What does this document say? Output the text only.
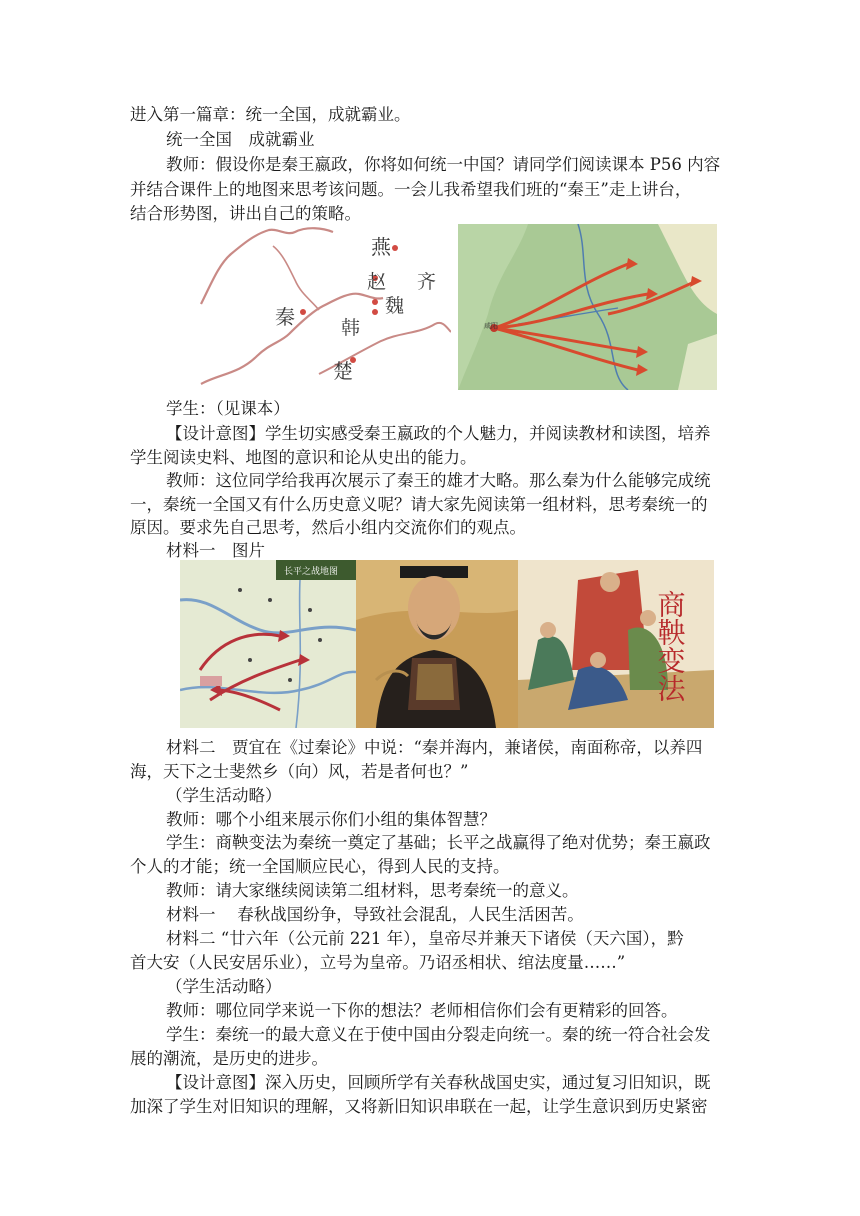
进入第一篇章：统一全国，成就霸业。
统一全国　成就霸业
教师：假设你是秦王嬴政，你将如何统一中国？请同学们阅读课本 P56 内容
并结合课件上的地图来思考该问题。一会儿我希望我们班的“秦王”走上讲台，
结合形势图，讲出自己的策略。
燕
赵 齐
魏
秦 韩
楚
咸阳
学生：（见课本）
【设计意图】学生切实感受秦王嬴政的个人魅力，并阅读教材和读图，培养
学生阅读史料、地图的意识和论从史出的能力。
教师：这位同学给我再次展示了秦王的雄才大略。那么秦为什么能够完成统
一，秦统一全国又有什么历史意义呢？请大家先阅读第一组材料，思考秦统一的
原因。要求先自己思考，然后小组内交流你们的观点。
材料一　图片
长平之战地图
商鞅变法
材料二　贾宜在《过秦论》中说：“秦并海内，兼诸侯，南面称帝，以养四
海，天下之士斐然乡（向）风，若是者何也？”
（学生活动略）
教师：哪个小组来展示你们小组的集体智慧？
学生：商鞅变法为秦统一奠定了基础；长平之战赢得了绝对优势；秦王嬴政
个人的才能；统一全国顺应民心，得到人民的支持。
教师：请大家继续阅读第二组材料，思考秦统一的意义。
材料一　 春秋战国纷争，导致社会混乱，人民生活困苦。
材料二 “廿六年（公元前 221 年），皇帝尽并兼天下诸侯（天六国），黔
首大安（人民安居乐业），立号为皇帝。乃诏丞相状、绾法度量……”
（学生活动略）
教师：哪位同学来说一下你的想法？老师相信你们会有更精彩的回答。
学生：秦统一的最大意义在于使中国由分裂走向统一。秦的统一符合社会发
展的潮流，是历史的进步。
【设计意图】深入历史，回顾所学有关春秋战国史实，通过复习旧知识，既
加深了学生对旧知识的理解，又将新旧知识串联在一起，让学生意识到历史紧密
